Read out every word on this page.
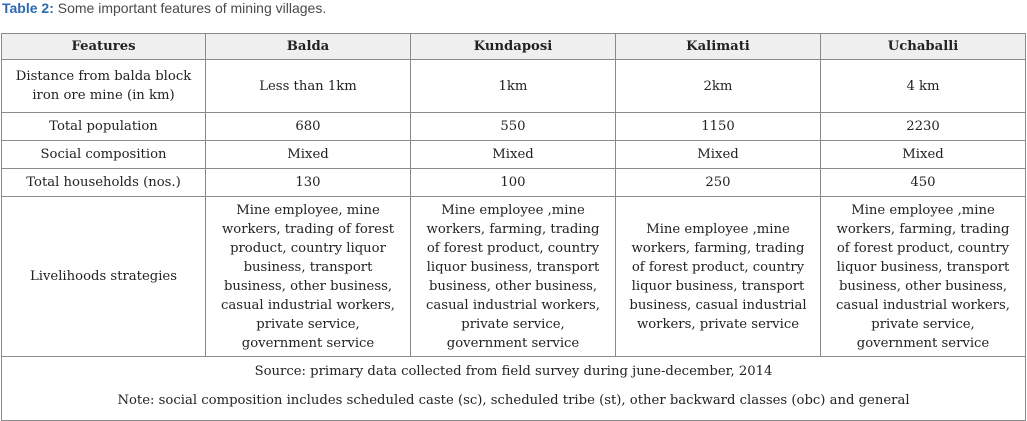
Table 2: Some important features of mining villages.
Features	Balda	Kundaposi	Kalimati	Uchaballi
Distance from balda block iron ore mine (in km)	Less than 1km	1km	2km	4 km
Total population	680	550	1150	2230
Social composition	Mixed	Mixed	Mixed	Mixed
Total households (nos.)	130	100	250	450
Livelihoods strategies	Mine employee, mine workers, trading of forest product, country liquor business, transport business, other business, casual industrial workers, private service, government service	Mine employee ,mine workers, farming, trading of forest product, country liquor business, transport business, other business, casual industrial workers, private service, government service	Mine employee ,mine workers, farming, trading of forest product, country liquor business, transport business, casual industrial workers, private service	Mine employee ,mine workers, farming, trading of forest product, country liquor business, transport business, other business, casual industrial workers, private service, government service

Source: primary data collected from field survey during june-december, 2014
Note: social composition includes scheduled caste (sc), scheduled tribe (st), other backward classes (obc) and general				
